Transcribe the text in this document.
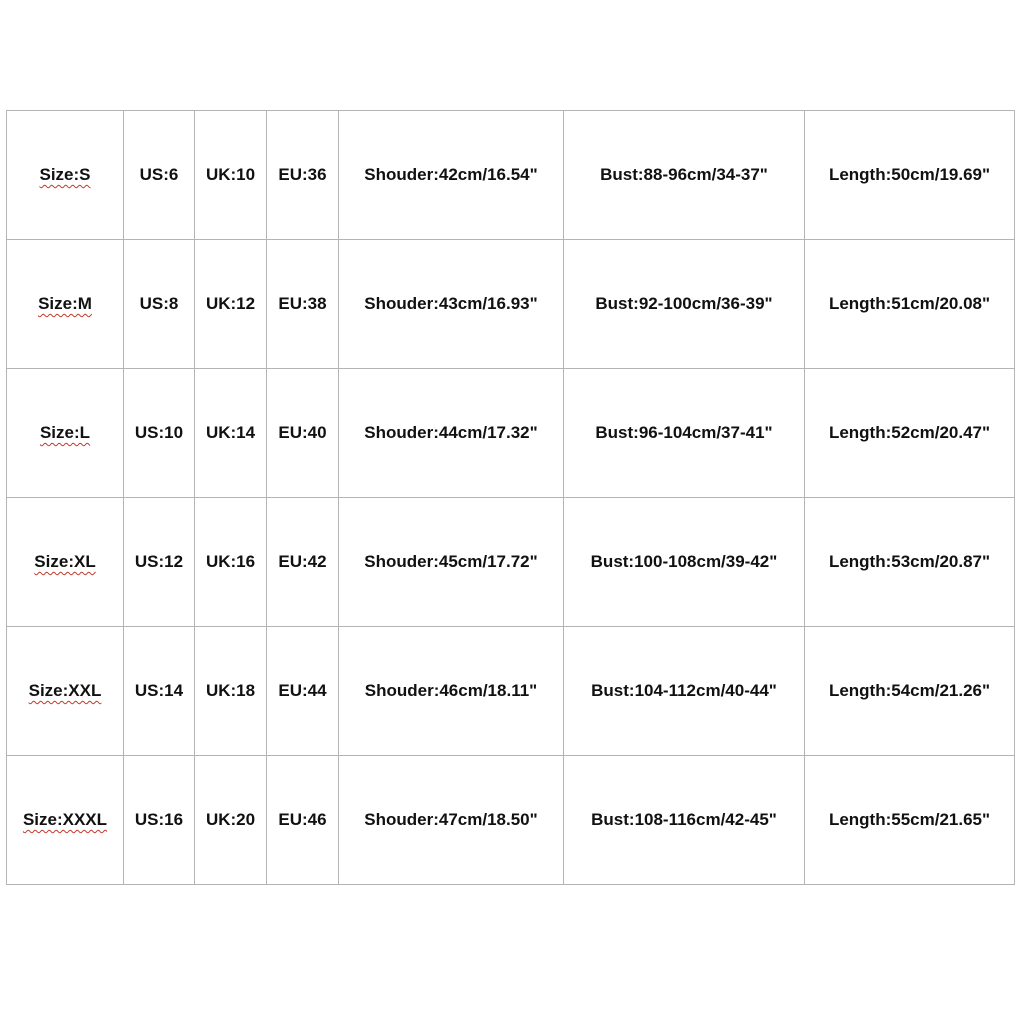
Size:S	US:6	UK:10	EU:36	Shouder:42cm/16.54"	Bust:88-96cm/34-37"	Length:50cm/19.69"
Size:M	US:8	UK:12	EU:38	Shouder:43cm/16.93"	Bust:92-100cm/36-39"	Length:51cm/20.08"
Size:L	US:10	UK:14	EU:40	Shouder:44cm/17.32"	Bust:96-104cm/37-41"	Length:52cm/20.47"
Size:XL	US:12	UK:16	EU:42	Shouder:45cm/17.72"	Bust:100-108cm/39-42"	Length:53cm/20.87"
Size:XXL	US:14	UK:18	EU:44	Shouder:46cm/18.11"	Bust:104-112cm/40-44"	Length:54cm/21.26"
Size:XXXL	US:16	UK:20	EU:46	Shouder:47cm/18.50"	Bust:108-116cm/42-45"	Length:55cm/21.65"
